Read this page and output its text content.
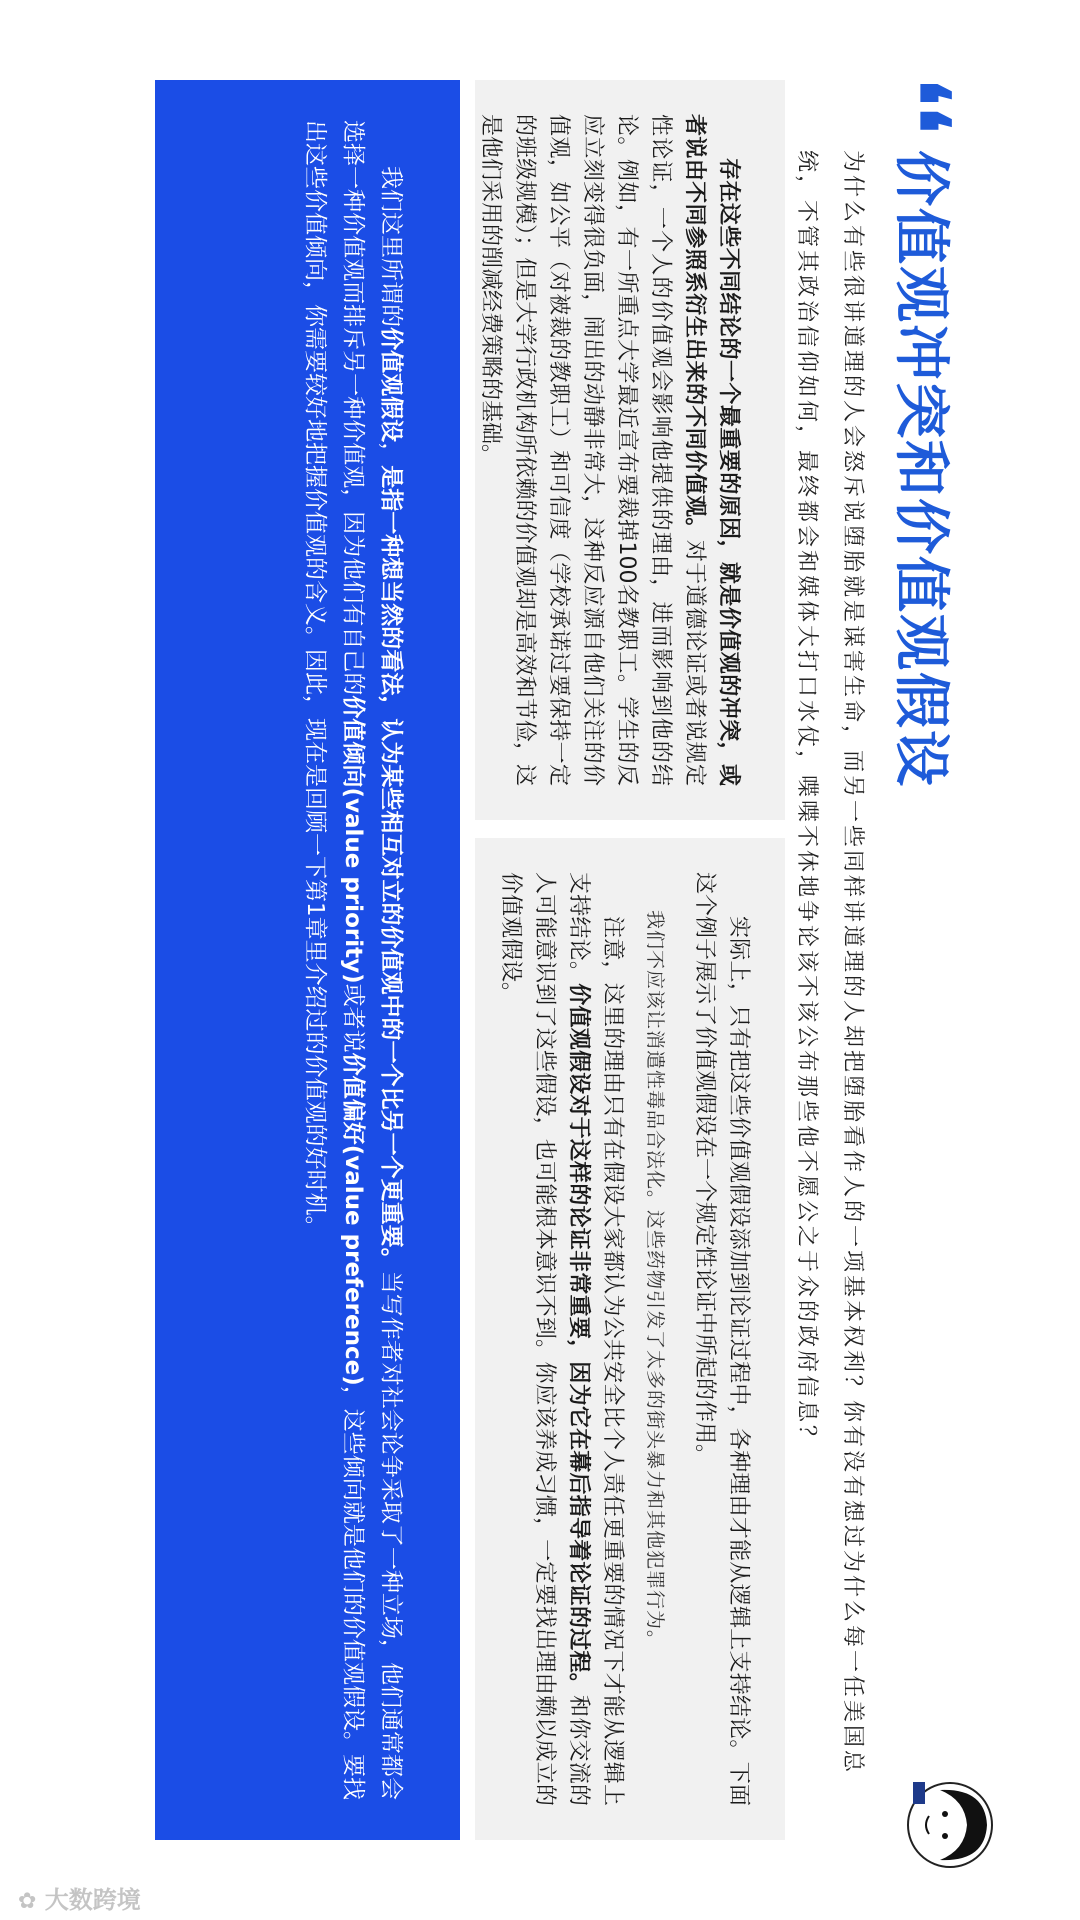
❛❛
价值观冲突和价值观假设
为什么有些很讲道理的人会怒斥说堕胎就是谋害生命，而另一些同样讲道理的人却把堕胎看作人的一项基本权利？你有没有想过为什么每一任美国总统，不管其政治信仰如何，最终都会和媒体大打口水仗，喋喋不休地争论该不该公布那些他不愿公之于众的政府信息？

存在这些不同结论的一个最重要的原因，就是价值观的冲突，或者说由不同参照系衍生出来的不同价值观。对于道德论证或者说规定性论证，一个人的价值观会影响他提供的理由，进而影响到他的结论。例如，有一所重点大学最近宣布要裁掉100名教职工。学生的反应立刻变得很负面，闹出的动静非常大，这种反应源自他们关注的价值观，如公平（对被裁的教职工）和可信度（学校承诺过要保持一定的班级规模）；但是大学行政机构所依赖的价值观却是高效和节俭，这是他们采用的削减经费策略的基础。

实际上，只有把这些价值观假设添加到论证过程中，各种理由才能从逻辑上支持结论。下面这个例子展示了价值观假设在一个规定性论证中所起的作用。

我们不应该让消遣性毒品合法化。这些药物引发了太多的街头暴力和其他犯罪行为。

注意，这里的理由只有在假设大家都认为公共安全比个人责任更重要的情况下才能从逻辑上支持结论。价值观假设对于这样的论证非常重要，因为它在幕后指导着论证的过程。和你交流的人可能意识到了这些假设，也可能根本意识不到。你应该养成习惯，一定要找出理由赖以成立的价值观假设。

我们这里所谓的价值观假设，是指一种想当然的看法，认为某些相互对立的价值观中的一个比另一个更重要。当写作者对社会论争采取了一种立场，他们通常都会选择一种价值观而排斥另一种价值观，因为他们有自己的价值倾向(value priority)或者说价值偏好(value preference)，这些倾向就是他们的价值观假设。要找出这些价值倾向，你需要较好地把握价值观的含义。因此，现在是回顾一下第1章里介绍过的价值观的好时机。

✿ 大数跨境
